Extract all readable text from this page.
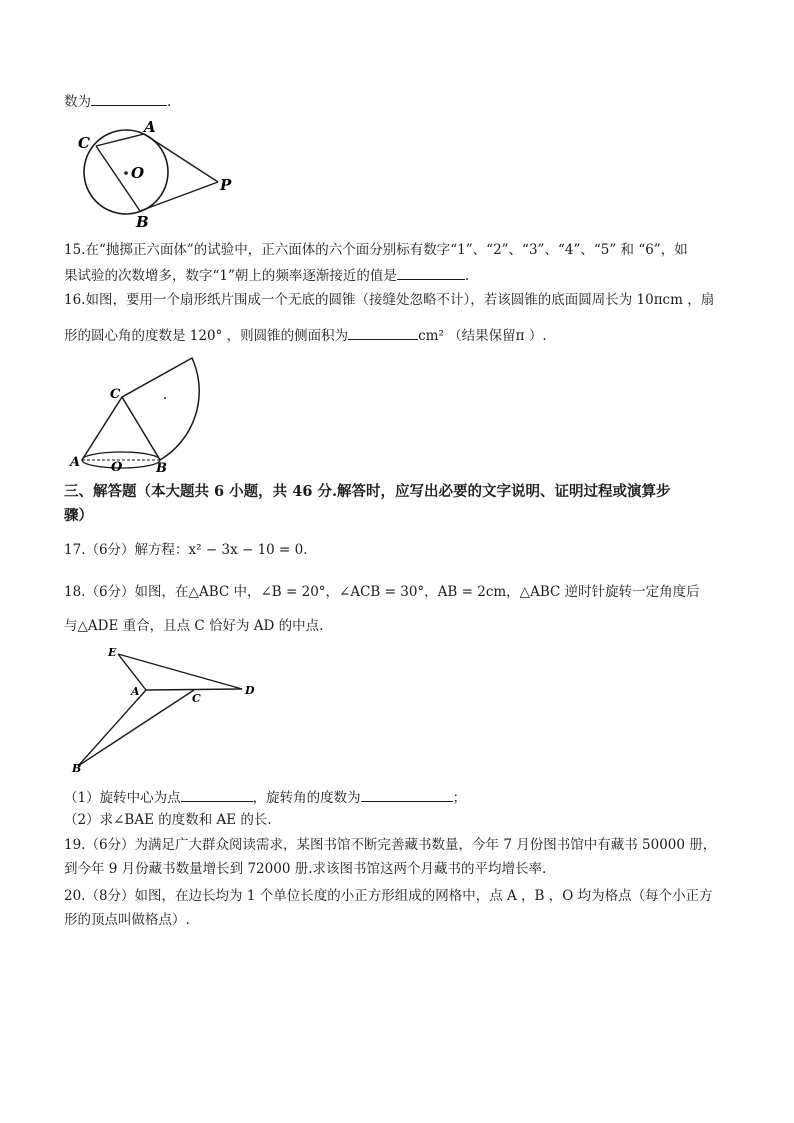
数为	.
C
A
O
P
B
15.在“抛掷正六面体”的试验中，正六面体的六个面分别标有数字“1”、“2”、“3”、“4”、“5” 和 “6”，如
果试验的次数增多，数字“1”朝上的频率逐渐接近的值是	.
16.如图，要用一个扇形纸片围成一个无底的圆锥（接缝处忽略不计），若该圆锥的底面圆周长为 10πcm ，扇
形的圆心角的度数是 120° ，则圆锥的侧面积为	cm² （结果保留π ）.
C
A O	B
三、解答题（本大题共 6 小题，共 46 分.解答时，应写出必要的文字说明、证明过程或演算步
骤）
17.（6分）解方程：x² − 3x − 10 = 0.
18.（6分）如图，在△ABC 中，∠B = 20°，∠ACB = 30°，AB = 2cm，△ABC 逆时针旋转一定角度后
与△ADE 重合，且点 C 恰好为 AD 的中点.
E
A
C
D
B
（1）旋转中心为点	，旋转角的度数为	；
（2）求∠BAE 的度数和 AE 的长.
19.（6分）为满足广大群众阅读需求，某图书馆不断完善藏书数量，今年 7 月份图书馆中有藏书 50000 册，
到今年 9 月份藏书数量增长到 72000 册.求该图书馆这两个月藏书的平均增长率.
20.（8分）如图，在边长均为 1 个单位长度的小正方形组成的网格中，点 A ，B ，O 均为格点（每个小正方
形的顶点叫做格点）.
